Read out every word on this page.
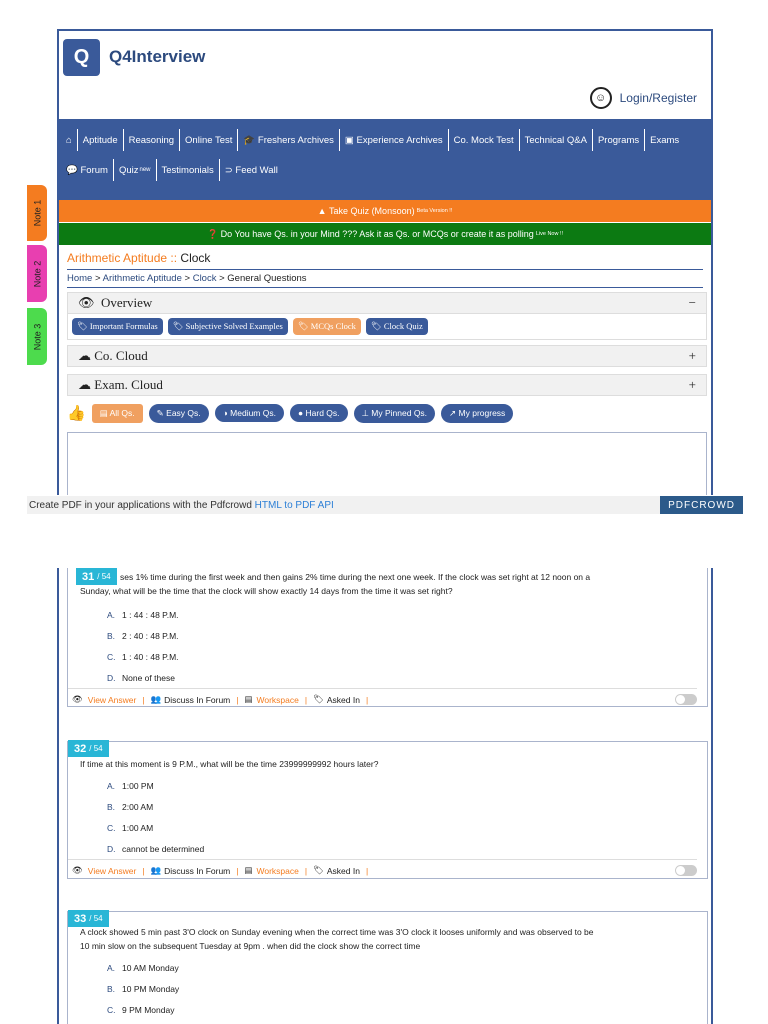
Note 1
Note 2
Note 3
Q	Q4Interview
☺	Login/Register
⌂	Aptitude	Reasoning	Online Test	🎓
Freshers Archives ▣
Experience Archives	Co. Mock Test	Technical Q&A	Programs	Exams
💬
Forum Quiz new	Testimonials	⊃
Feed Wall
▲
Take Quiz (Monsoon) Beta Version !!
❓
Do You have Qs. in your Mind ??? Ask it as Qs. or MCQs or create it as polling Live Now !!
Arithmetic Aptitude :: Clock
Home > Arithmetic Aptitude > Clock > General Questions
👁 Overview	−
🏷 Important Formulas	🏷 Subjective Solved Examples	🏷 MCQs Clock	🏷 Clock Quiz
☁ Co. Cloud	+
☁ Exam. Cloud	+
👍	▤ All Qs.	✎ Easy Qs.	◑ Medium Qs.	● Hard Qs.	⊥ My Pinned Qs.	↗ My progress
Create PDF in your applications with the Pdfcrowd HTML to PDF API	PDFCROWD
31 / 54	ses 1% time during the first week and then gains 2% time during the next one week. If the clock was set right at 12 noon on a
Sunday, what will be the time that the clock will show exactly 14 days from the time it was set right?
A. 1 : 44 : 48 P.M.
B. 2 : 40 : 48 P.M.
C. 1 : 40 : 48 P.M.
D. None of these
👁 View Answer | 👥 Discuss In Forum | ▤ Workspace | 🏷 Asked In |
32 / 54
If time at this moment is 9 P.M., what will be the time 23999999992 hours later?
A. 1:00 PM
B. 2:00 AM
C. 1:00 AM
D. cannot be determined
👁 View Answer | 👥 Discuss In Forum | ▤ Workspace | 🏷 Asked In |
33 / 54
A clock showed 5 min past 3'O clock on Sunday evening when the correct time was 3'O clock it looses uniformly and was observed to be
10 min slow on the subsequent Tuesday at 9pm . when did the clock show the correct time
A. 10 AM Monday
B. 10 PM Monday
C. 9 PM Monday
